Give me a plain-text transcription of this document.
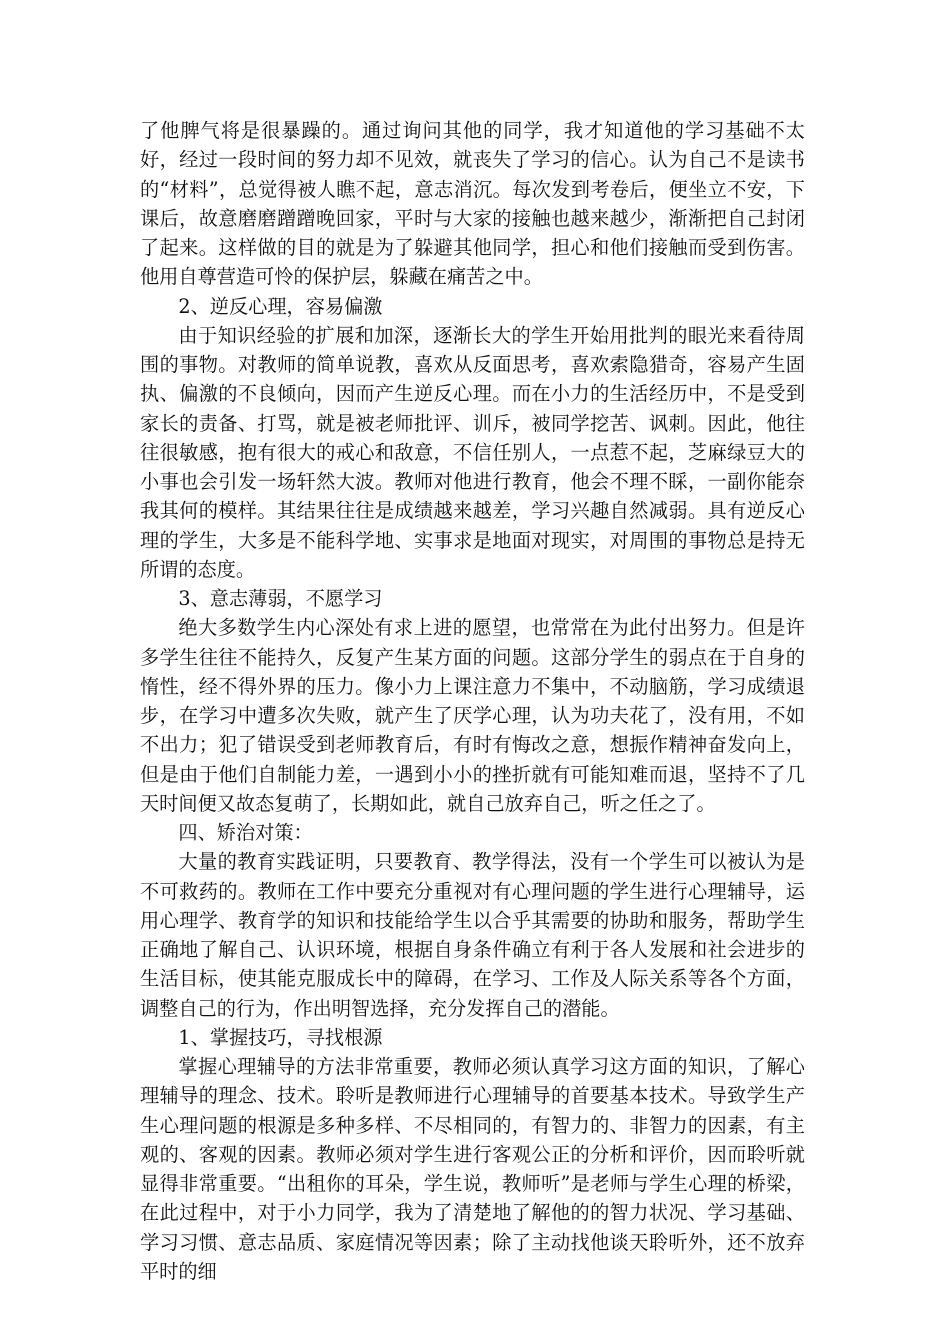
了他脾气将是很暴躁的。通过询问其他的同学，我才知道他的学习基础不太好，经过一段时间的努力却不见效，就丧失了学习的信心。认为自己不是读书的“材料”，总觉得被人瞧不起，意志消沉。每次发到考卷后，便坐立不安，下课后，故意磨磨蹭蹭晚回家，平时与大家的接触也越来越少，渐渐把自己封闭了起来。这样做的目的就是为了躲避其他同学，担心和他们接触而受到伤害。他用自尊营造可怜的保护层，躲藏在痛苦之中。

2、逆反心理，容易偏激

由于知识经验的扩展和加深，逐渐长大的学生开始用批判的眼光来看待周围的事物。对教师的简单说教，喜欢从反面思考，喜欢索隐猎奇，容易产生固执、偏激的不良倾向，因而产生逆反心理。而在小力的生活经历中，不是受到家长的责备、打骂，就是被老师批评、训斥，被同学挖苦、讽刺。因此，他往往很敏感，抱有很大的戒心和敌意，不信任别人，一点惹不起，芝麻绿豆大的小事也会引发一场轩然大波。教师对他进行教育，他会不理不睬，一副你能奈我其何的模样。其结果往往是成绩越来越差，学习兴趣自然减弱。具有逆反心理的学生，大多是不能科学地、实事求是地面对现实，对周围的事物总是持无所谓的态度。

3、意志薄弱，不愿学习

绝大多数学生内心深处有求上进的愿望，也常常在为此付出努力。但是许多学生往往不能持久，反复产生某方面的问题。这部分学生的弱点在于自身的惰性，经不得外界的压力。像小力上课注意力不集中，不动脑筋，学习成绩退步，在学习中遭多次失败，就产生了厌学心理，认为功夫花了，没有用，不如不出力；犯了错误受到老师教育后，有时有悔改之意，想振作精神奋发向上，但是由于他们自制能力差，一遇到小小的挫折就有可能知难而退，坚持不了几天时间便又故态复萌了，长期如此，就自己放弃自己，听之任之了。

四、矫治对策：

大量的教育实践证明，只要教育、教学得法，没有一个学生可以被认为是不可救药的。教师在工作中要充分重视对有心理问题的学生进行心理辅导，运用心理学、教育学的知识和技能给学生以合乎其需要的协助和服务，帮助学生正确地了解自己、认识环境，根据自身条件确立有利于各人发展和社会进步的生活目标，使其能克服成长中的障碍，在学习、工作及人际关系等各个方面，调整自己的行为，作出明智选择，充分发挥自己的潜能。

1、掌握技巧，寻找根源

掌握心理辅导的方法非常重要，教师必须认真学习这方面的知识，了解心理辅导的理念、技术。聆听是教师进行心理辅导的首要基本技术。导致学生产生心理问题的根源是多种多样、不尽相同的，有智力的、非智力的因素，有主观的、客观的因素。教师必须对学生进行客观公正的分析和评价，因而聆听就显得非常重要。“出租你的耳朵，学生说，教师听”是老师与学生心理的桥梁，在此过程中，对于小力同学，我为了清楚地了解他的的智力状况、学习基础、学习习惯、意志品质、家庭情况等因素；除了主动找他谈天聆听外，还不放弃平时的细
